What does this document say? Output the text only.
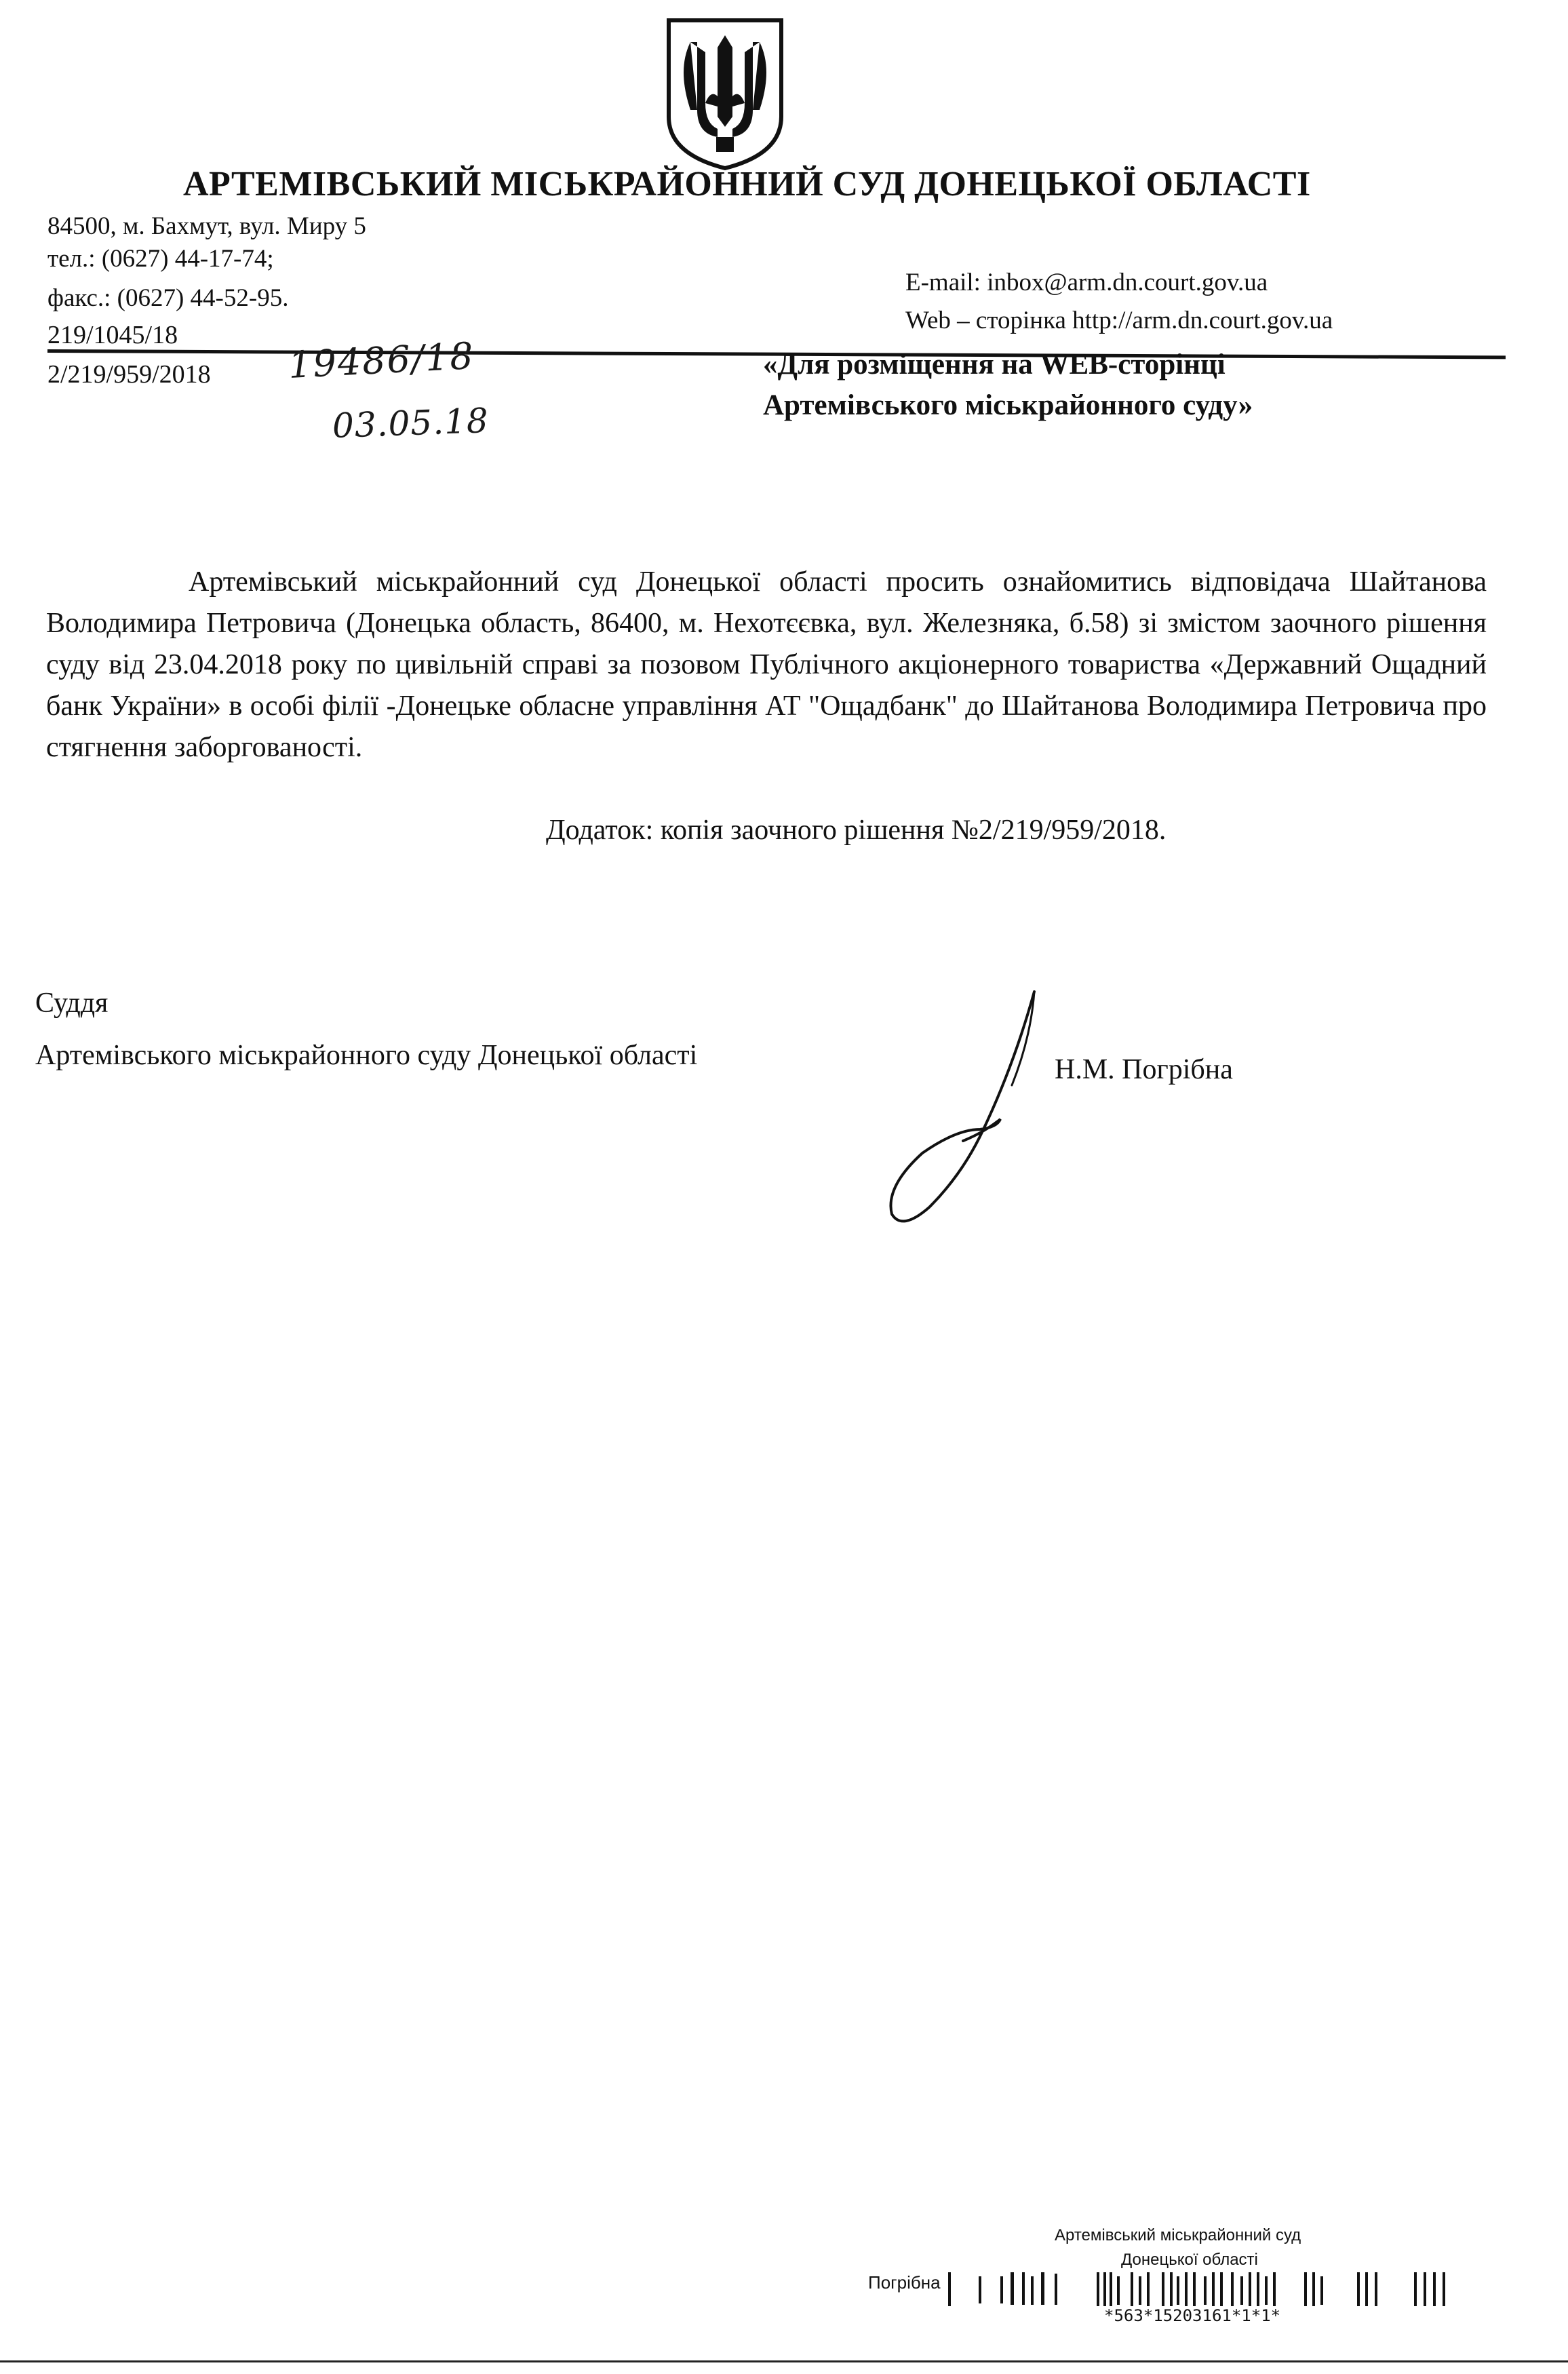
АРТЕМІВСЬКИЙ МІСЬКРАЙОННИЙ СУД ДОНЕЦЬКОЇ ОБЛАСТІ
84500, м. Бахмут, вул. Миру 5
тел.: (0627) 44-17-74;
факс.: (0627) 44-52-95.
E-mail: inbox@arm.dn.court.gov.ua
Web – сторінка http://arm.dn.court.gov.ua
219/1045/18
2/219/959/2018 19486/18
03.05.18
«Для розміщення на WEB-сторінці
Артемівського міськрайонного суду»
Артемівський міськрайонний суд Донецької області просить ознайомитись відповідача Шайтанова Володимира Петровича (Донецька область, 86400, м. Нехотєєвка, вул. Железняка, б.58) зі змістом заочного рішення суду від 23.04.2018 року по цивільній справі за позовом Публічного акціонерного товариства «Державний Ощадний банк України» в особі філії -Донецьке обласне управління АТ "Ощадбанк" до Шайтанова Володимира Петровича про стягнення заборгованості.
Додаток: копія заочного рішення №2/219/959/2018.
Суддя
Артемівського міськрайонного суду Донецької області	Н.М. Погрібна
Артемівський міськрайонний суд
Донецької області
Погрібна
*563*15203161*1*1*
